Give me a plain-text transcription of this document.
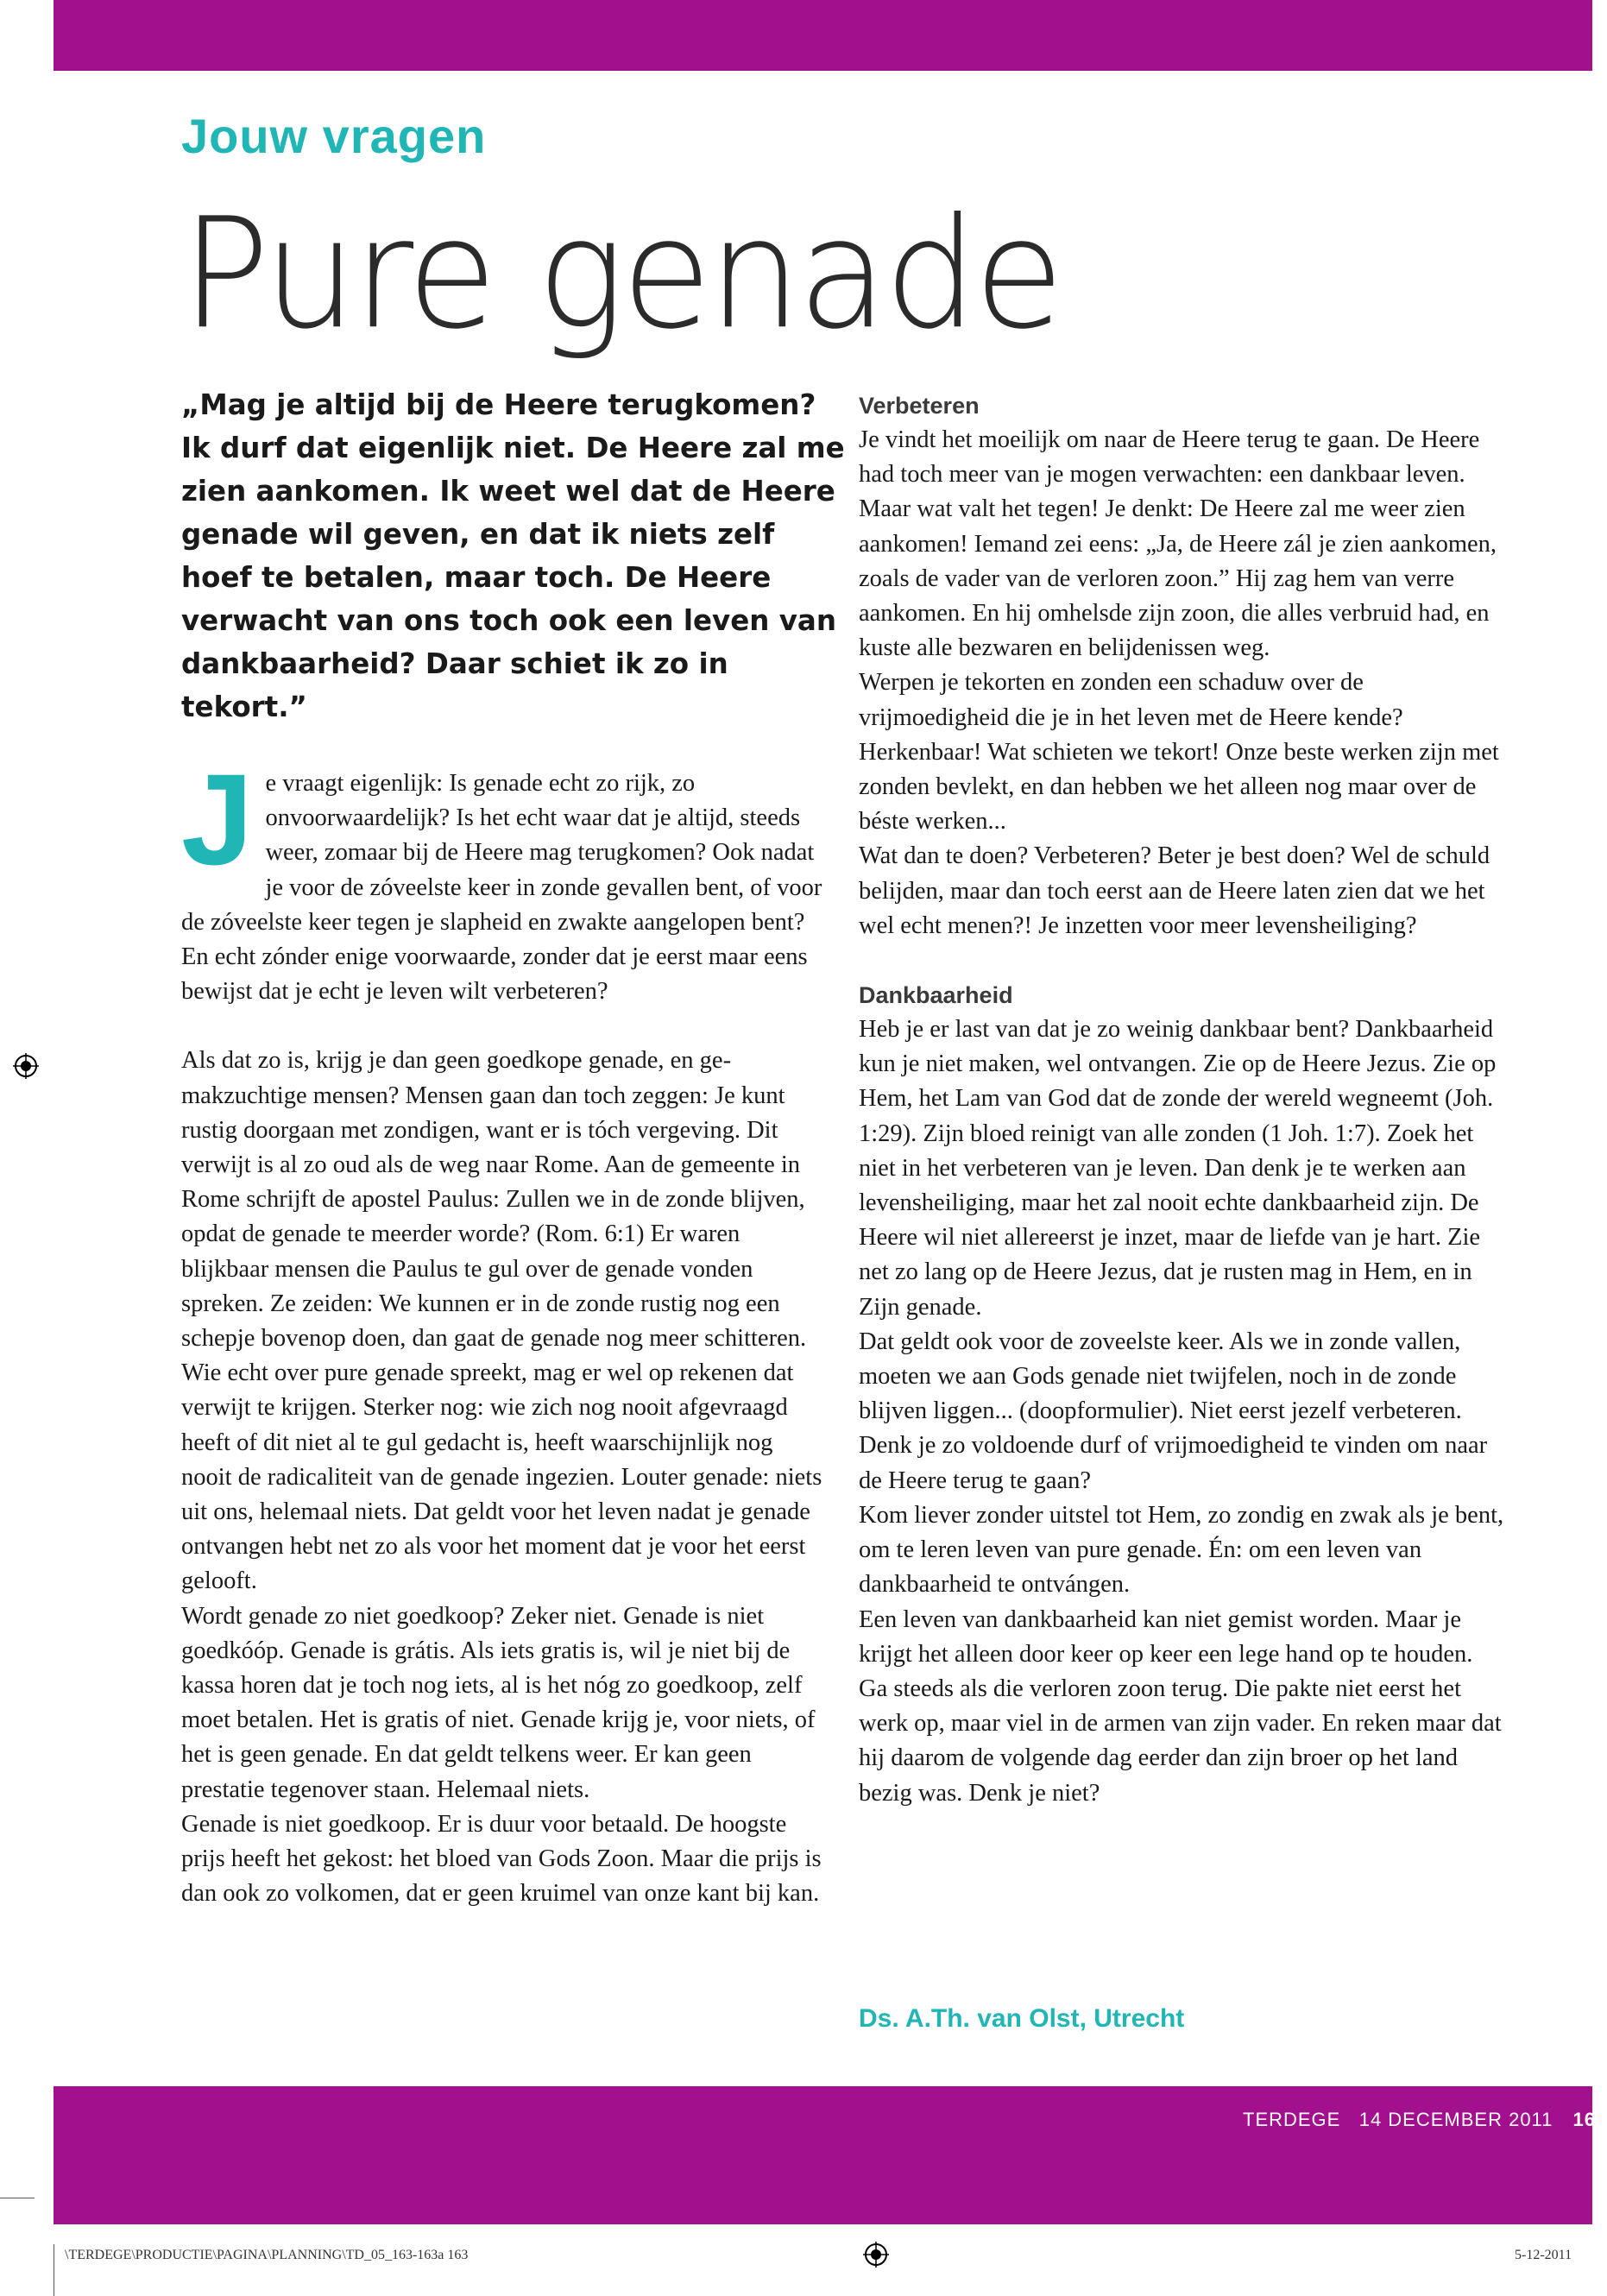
Jouw vragen
Pure genade
„Mag je altijd bij de Heere terugkomen? Ik durf dat eigenlijk niet. De Heere zal me zien aankomen. Ik weet wel dat de Heere genade wil geven, en dat ik niets zelf hoef te betalen, maar toch. De Heere verwacht van ons toch ook een leven van dankbaarheid? Daar schiet ik zo in tekort.”

Je vraagt eigenlijk: Is genade echt zo rijk, zo onvoorwaardelijk? Is het echt waar dat je altijd, steeds weer, zomaar bij de Heere mag terugkomen? Ook nadat je voor de zóveelste keer in zonde gevallen bent, of voor de zóveelste keer tegen je slapheid en zwakte aangelopen bent? En echt zónder enige voorwaarde, zonder dat je eerst maar eens bewijst dat je echt je leven wilt verbeteren?

Als dat zo is, krijg je dan geen goedkope genade, en gemakzuchtige mensen? Mensen gaan dan toch zeggen: Je kunt rustig doorgaan met zondigen, want er is tóch vergeving. Dit verwijt is al zo oud als de weg naar Rome. Aan de gemeente in Rome schrijft de apostel Paulus: Zullen we in de zonde blijven, opdat de genade te meerder worde? (Rom. 6:1) Er waren blijkbaar mensen die Paulus te gul over de genade vonden spreken. Ze zeiden: We kunnen er in de zonde rustig nog een schepje bovenop doen, dan gaat de genade nog meer schitteren.

Wie echt over pure genade spreekt, mag er wel op rekenen dat verwijt te krijgen. Sterker nog: wie zich nog nooit afgevraagd heeft of dit niet al te gul gedacht is, heeft waarschijnlijk nog nooit de radicaliteit van de genade ingezien. Louter genade: niets uit ons, helemaal niets. Dat geldt voor het leven nadat je genade ontvangen hebt net zo als voor het moment dat je voor het eerst gelooft.

Wordt genade zo niet goedkoop? Zeker niet. Genade is niet goedkóóp. Genade is grátis. Als iets gratis is, wil je niet bij de kassa horen dat je toch nog iets, al is het nóg zo goedkoop, zelf moet betalen. Het is gratis of niet. Genade krijg je, voor niets, of het is geen genade. En dat geldt telkens weer. Er kan geen prestatie tegenover staan. Helemaal niets.

Genade is niet goedkoop. Er is duur voor betaald. De hoogste prijs heeft het gekost: het bloed van Gods Zoon. Maar die prijs is dan ook zo volkomen, dat er geen kruimel van onze kant bij kan.

Verbeteren

Je vindt het moeilijk om naar de Heere terug te gaan. De Heere had toch meer van je mogen verwachten: een dankbaar leven. Maar wat valt het tegen! Je denkt: De Heere zal me weer zien aankomen! Iemand zei eens: „Ja, de Heere zál je zien aankomen, zoals de vader van de verloren zoon.” Hij zag hem van verre aankomen. En hij omhelsde zijn zoon, die alles verbruid had, en kuste alle bezwaren en belijdenissen weg.

Werpen je tekorten en zonden een schaduw over de vrijmoedigheid die je in het leven met de Heere kende? Herkenbaar! Wat schieten we tekort! Onze beste werken zijn met zonden bevlekt, en dan hebben we het alleen nog maar over de béste werken...

Wat dan te doen? Verbeteren? Beter je best doen? Wel de schuld belijden, maar dan toch eerst aan de Heere laten zien dat we het wel echt menen?! Je inzetten voor meer levensheiliging?

Dankbaarheid

Heb je er last van dat je zo weinig dankbaar bent? Dankbaarheid kun je niet maken, wel ontvangen. Zie op de Heere Jezus. Zie op Hem, het Lam van God dat de zonde der wereld wegneemt (Joh. 1:29). Zijn bloed reinigt van alle zonden (1 Joh. 1:7). Zoek het niet in het verbeteren van je leven. Dan denk je te werken aan levensheiliging, maar het zal nooit echte dankbaarheid zijn. De Heere wil niet allereerst je inzet, maar de liefde van je hart. Zie net zo lang op de Heere Jezus, dat je rusten mag in Hem, en in Zijn genade.

Dat geldt ook voor de zoveelste keer. Als we in zonde vallen, moeten we aan Gods genade niet twijfelen, noch in de zonde blijven liggen... (doopformulier). Niet eerst jezelf verbeteren. Denk je zo voldoende durf of vrijmoedigheid te vinden om naar de Heere terug te gaan?

Kom liever zonder uitstel tot Hem, zo zondig en zwak als je bent, om te leren leven van pure genade. Én: om een leven van dankbaarheid te ontvángen.

Een leven van dankbaarheid kan niet gemist worden. Maar je krijgt het alleen door keer op keer een lege hand op te houden. Ga steeds als die verloren zoon terug. Die pakte niet eerst het werk op, maar viel in de armen van zijn vader. En reken maar dat hij daarom de volgende dag eerder dan zijn broer op het land bezig was. Denk je niet?

Ds. A.Th. van Olst, Utrecht
TERDEGE 14 DECEMBER 2011 163
\TERDEGE\PRODUCTIE\PAGINA\PLANNING\TD_05_163-163a 163	5-12-2011
